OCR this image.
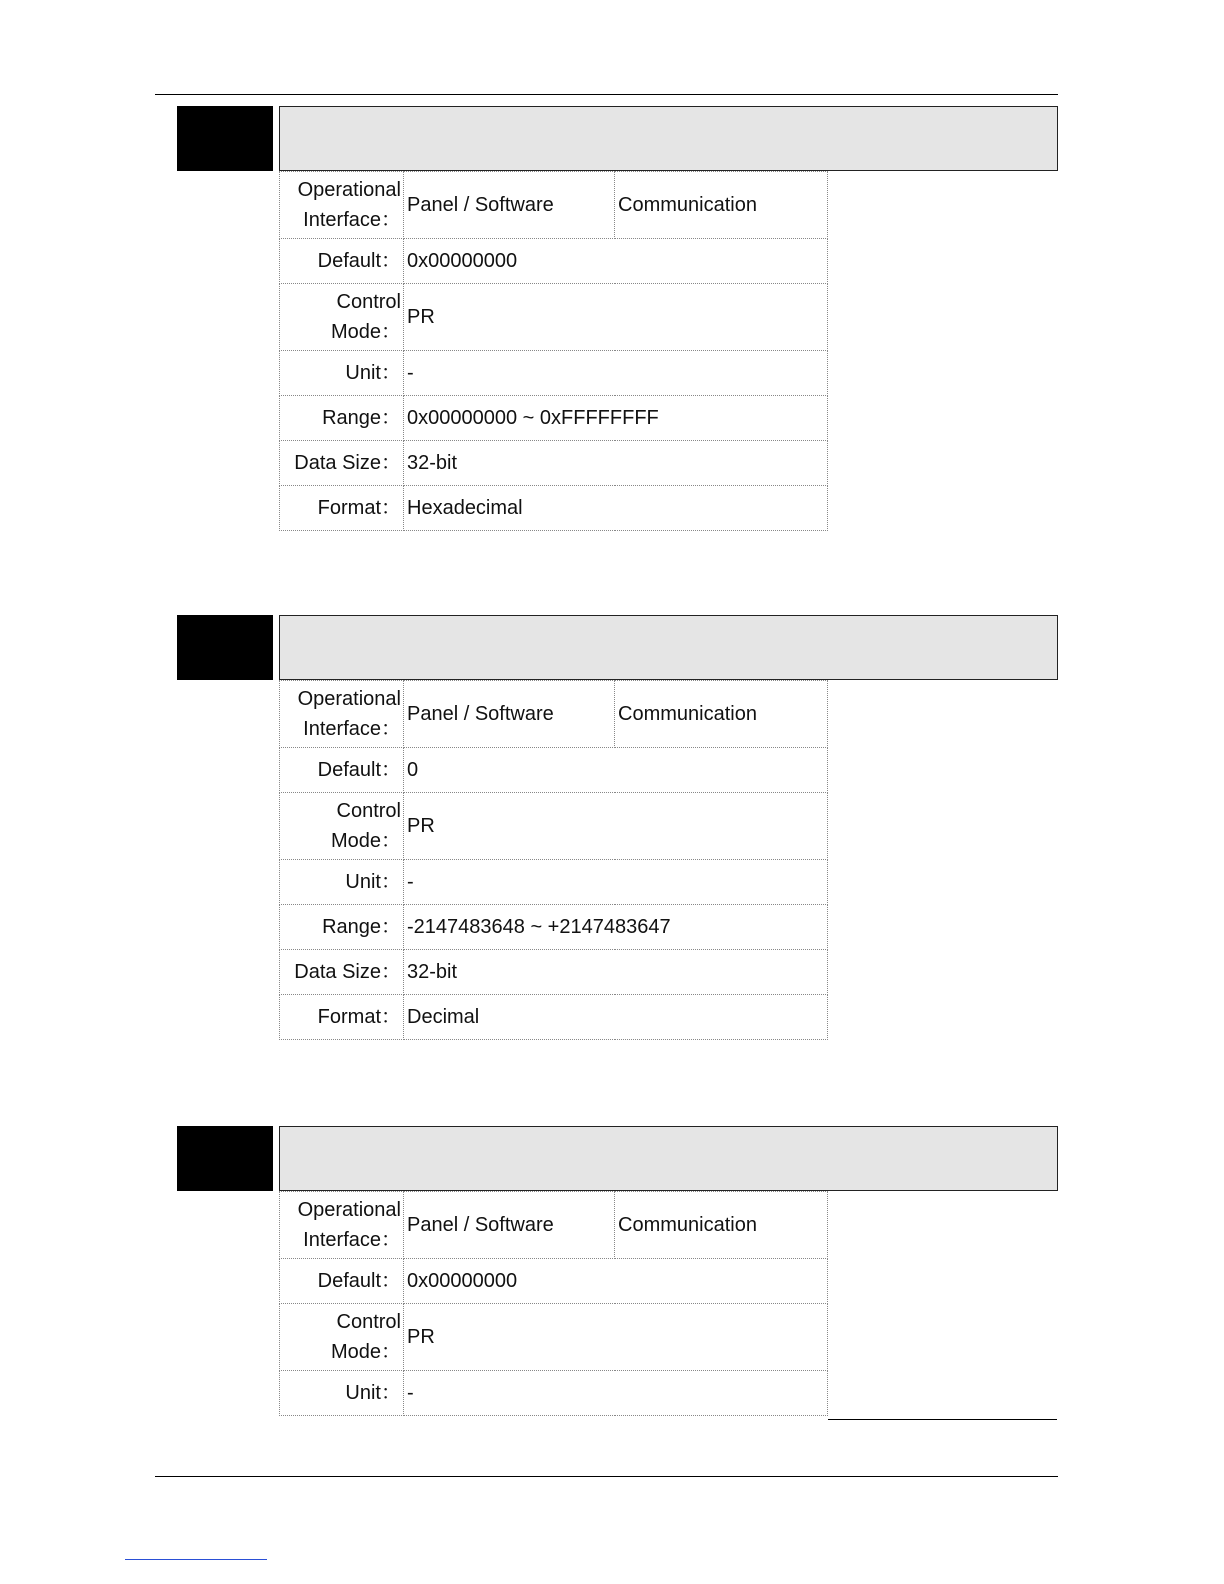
Operational Interface：	Panel / Software	Communication
Default：	0x00000000	
Control Mode：	PR	
Unit：	-	
Range：	0x00000000 ~ 0xFFFFFFFF	
Data Size：	32-bit	
Format：	Hexadecimal	
Operational Interface：	Panel / Software	Communication
Default：	0	
Control Mode：	PR	
Unit：	-	
Range：	-2147483648 ~ +2147483647	
Data Size：	32-bit	
Format：	Decimal	
Operational Interface：	Panel / Software	Communication
Default：	0x00000000	
Control Mode：	PR	
Unit：	-	
